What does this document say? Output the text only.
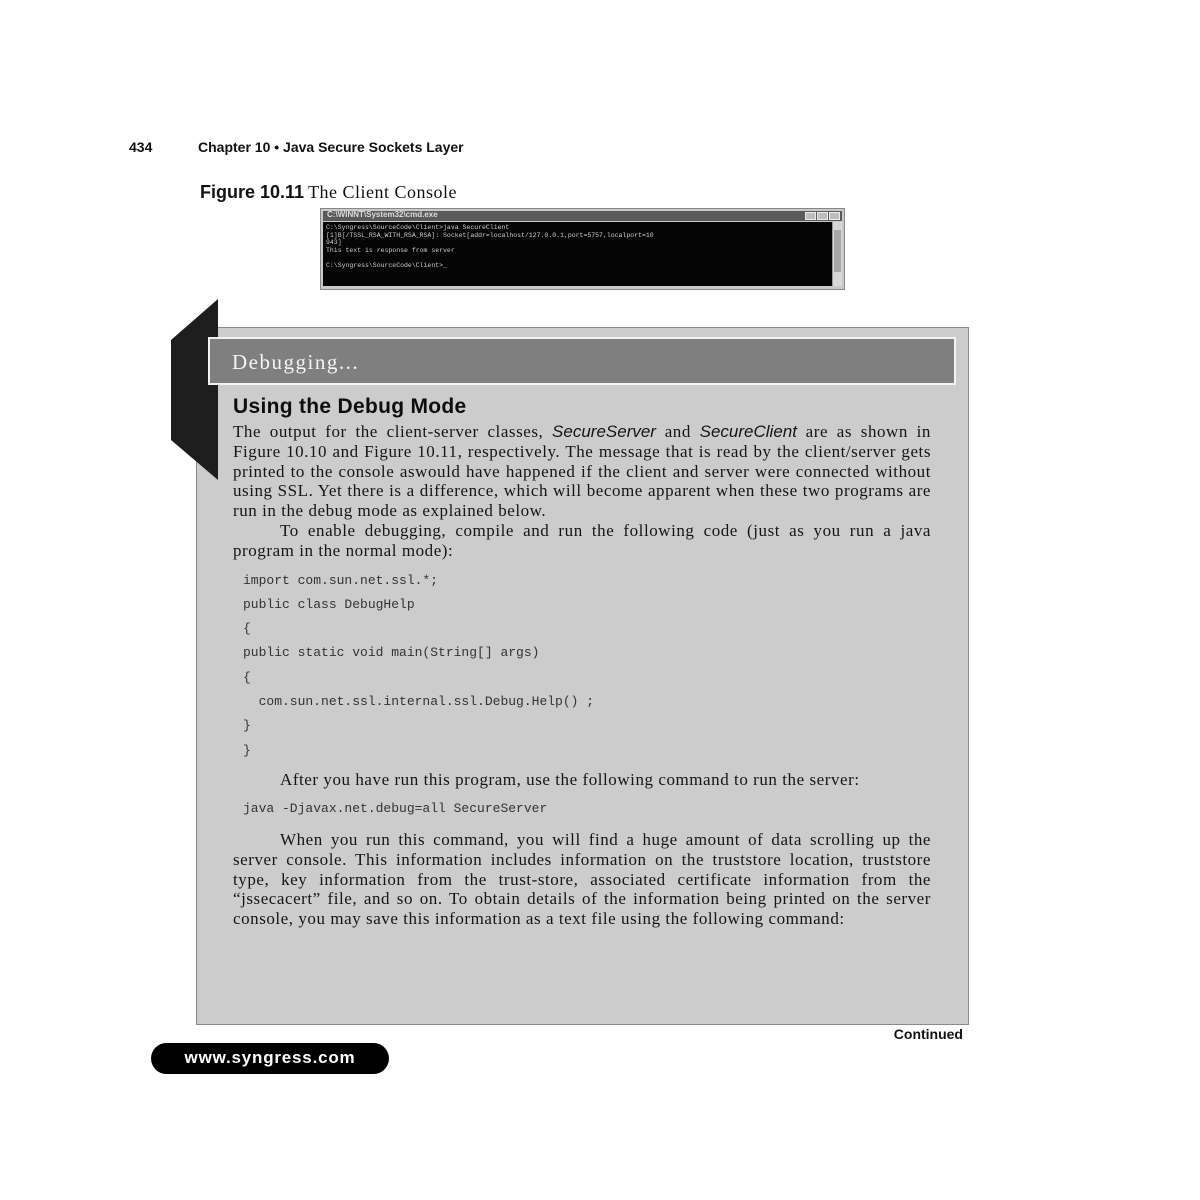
434	Chapter 10 • Java Secure Sockets Layer
Figure 10.11 The Client Console
C:\WINNT\System32\cmd.exe
C:\Syngress\SourceCode\Client>java SecureClient
[1]B[/TSSL_RSA_WITH_RSA_RSA]: Socket[addr=localhost/127.0.0.1,port=5757,localport=10
943]
This text is response from server

C:\Syngress\SourceCode\Client>_
Debugging...
Using the Debug Mode

The output for the client-server classes, SecureServer and SecureClient are as shown in Figure 10.10 and Figure 10.11, respectively. The message that is read by the client/server gets printed to the console aswould have happened if the client and server were connected without using SSL. Yet there is a difference, which will become apparent when these two programs are run in the debug mode as explained below.

To enable debugging, compile and run the following code (just as you run a java program in the normal mode):

import com.sun.net.ssl.*;
public class DebugHelp
{
public static void main(String[] args)
{
com.sun.net.ssl.internal.ssl.Debug.Help() ;
}
}

After you have run this program, use the following command to run the server:

java -Djavax.net.debug=all SecureServer

When you run this command, you will find a huge amount of data scrolling up the server console. This information includes information on the truststore location, truststore type, key information from the trust-store, associated certificate information from the “jssecacert” file, and so on. To obtain details of the information being printed on the server console, you may save this information as a text file using the following command:

Continued
www.syngress.com
